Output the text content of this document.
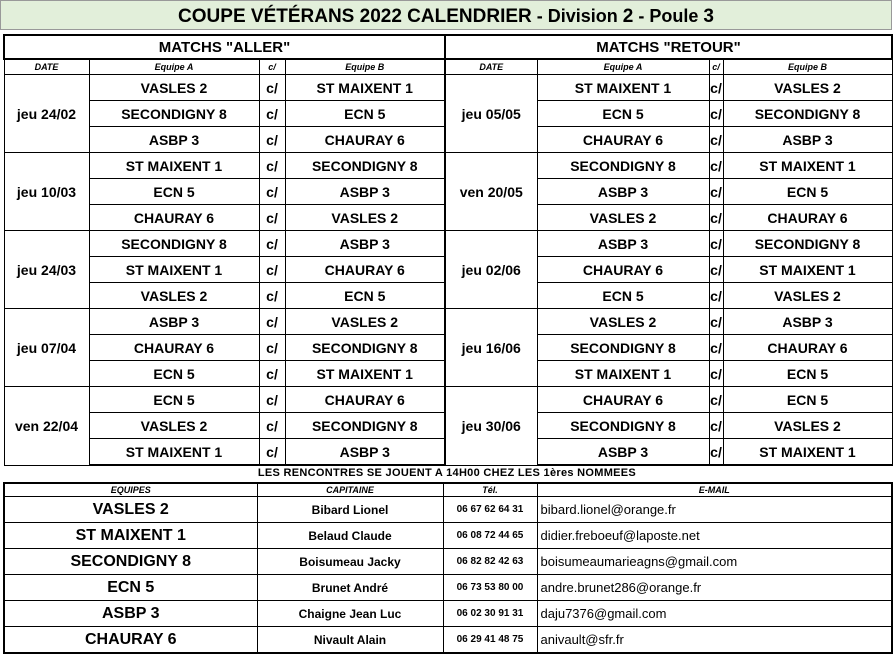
COUPE VÉTÉRANS 2022 CALENDRIER - Division 2 - Poule 3
MATCHS "ALLER"				MATCHS "RETOUR"			
DATE	Equipe A	c/	Equipe B	DATE	Equipe A	c/	Equipe B
jeu 24/02	VASLES 2	c/	ST MAIXENT 1	jeu 05/05	ST MAIXENT 1	c/	VASLES 2
	SECONDIGNY 8	c/	ECN 5		ECN 5	c/	SECONDIGNY 8
	ASBP 3	c/	CHAURAY 6		CHAURAY 6	c/	ASBP 3
jeu 10/03	ST MAIXENT 1	c/	SECONDIGNY 8	ven 20/05	SECONDIGNY 8	c/	ST MAIXENT 1
	ECN 5	c/	ASBP 3		ASBP 3	c/	ECN 5
	CHAURAY 6	c/	VASLES 2		VASLES 2	c/	CHAURAY 6
jeu 24/03	SECONDIGNY 8	c/	ASBP 3	jeu 02/06	ASBP 3	c/	SECONDIGNY 8
	ST MAIXENT 1	c/	CHAURAY 6		CHAURAY 6	c/	ST MAIXENT 1
	VASLES 2	c/	ECN 5		ECN 5	c/	VASLES 2
jeu 07/04	ASBP 3	c/	VASLES 2	jeu 16/06	VASLES 2	c/	ASBP 3
	CHAURAY 6	c/	SECONDIGNY 8		SECONDIGNY 8	c/	CHAURAY 6
	ECN 5	c/	ST MAIXENT 1		ST MAIXENT 1	c/	ECN 5
ven 22/04	ECN 5	c/	CHAURAY 6	jeu 30/06	CHAURAY 6	c/	ECN 5
	VASLES 2	c/	SECONDIGNY 8		SECONDIGNY 8	c/	VASLES 2
	ST MAIXENT 1	c/	ASBP 3		ASBP 3	c/	ST MAIXENT 1
LES RENCONTRES SE JOUENT A 14H00 CHEZ LES 1ères NOMMEES
EQUIPES	CAPITAINE	Tél.	E-MAIL
VASLES 2	Bibard Lionel	06 67 62 64 31	bibard.lionel@orange.fr
ST MAIXENT 1	Belaud Claude	06 08 72 44 65	didier.freboeuf@laposte.net
SECONDIGNY 8	Boisumeau Jacky	06 82 82 42 63	boisumeaumarieagns@gmail.com
ECN 5	Brunet André	06 73 53 80 00	andre.brunet286@orange.fr
ASBP 3	Chaigne Jean Luc	06 02 30 91 31	daju7376@gmail.com
CHAURAY 6	Nivault Alain	06 29 41 48 75	anivault@sfr.fr
